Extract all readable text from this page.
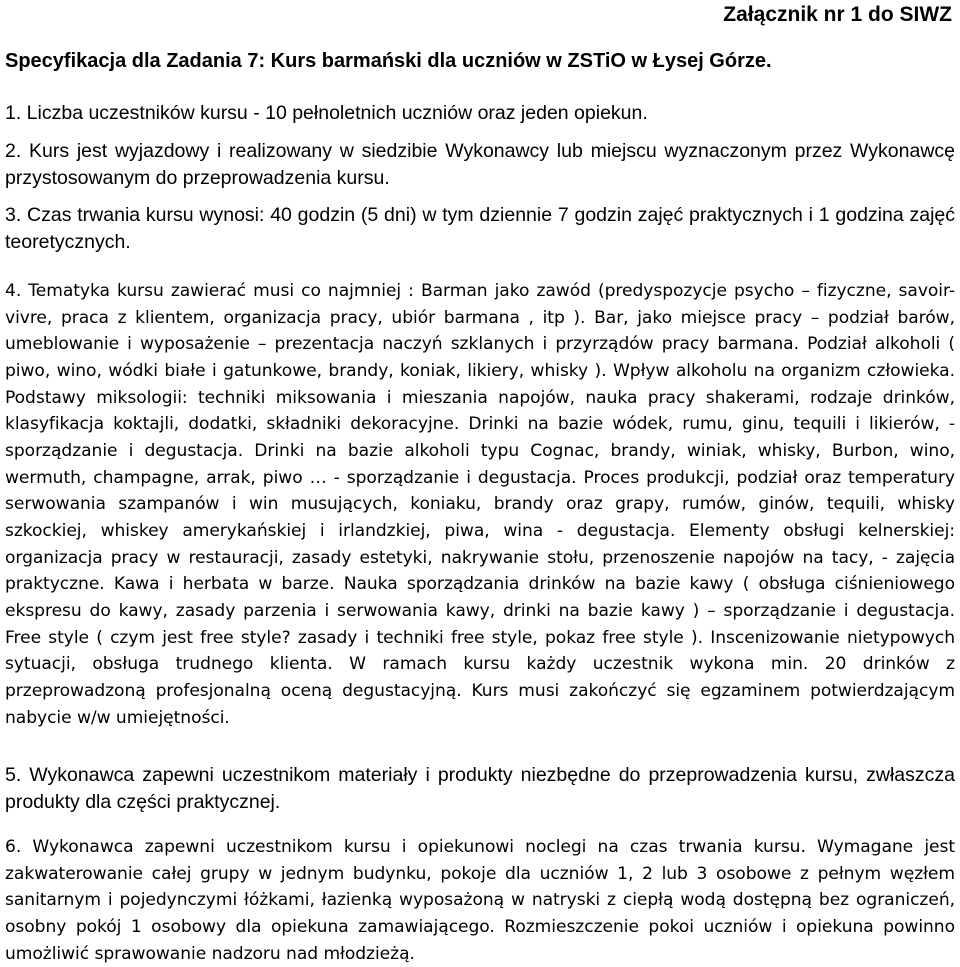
Załącznik nr 1 do SIWZ
Specyfikacja dla Zadania 7: Kurs barmański dla uczniów w ZSTiO w Łysej Górze.

1. Liczba uczestników kursu - 10 pełnoletnich uczniów oraz jeden opiekun.

2. Kurs jest wyjazdowy i realizowany w siedzibie Wykonawcy lub miejscu wyznaczonym przez Wykonawcę przystosowanym do przeprowadzenia kursu.

3. Czas trwania kursu wynosi: 40 godzin (5 dni) w tym dziennie 7 godzin zajęć praktycznych i 1 godzina zajęć teoretycznych.

4. Tematyka kursu zawierać musi co najmniej : Barman jako zawód (predyspozycje psycho – fizyczne, savoir-vivre, praca z klientem, organizacja pracy, ubiór barmana , itp ). Bar, jako miejsce pracy – podział barów, umeblowanie i wyposażenie – prezentacja naczyń szklanych i przyrządów pracy barmana. Podział alkoholi ( piwo, wino, wódki białe i gatunkowe, brandy, koniak, likiery, whisky ). Wpływ alkoholu na organizm człowieka. Podstawy miksologii: techniki miksowania i mieszania napojów, nauka pracy shakerami, rodzaje drinków, klasyfikacja koktajli, dodatki, składniki dekoracyjne. Drinki na bazie wódek, rumu, ginu, tequili i likierów, - sporządzanie i degustacja. Drinki na bazie alkoholi typu Cognac, brandy, winiak, whisky, Burbon, wino, wermuth, champagne, arrak, piwo … - sporządzanie i degustacja. Proces produkcji, podział oraz temperatury serwowania szampanów i win musujących, koniaku, brandy oraz grapy, rumów, ginów, tequili, whisky szkockiej, whiskey amerykańskiej i irlandzkiej, piwa, wina - degustacja. Elementy obsługi kelnerskiej: organizacja pracy w restauracji, zasady estetyki, nakrywanie stołu, przenoszenie napojów na tacy, - zajęcia praktyczne. Kawa i herbata w barze. Nauka sporządzania drinków na bazie kawy ( obsługa ciśnieniowego ekspresu do kawy, zasady parzenia i serwowania kawy, drinki na bazie kawy ) – sporządzanie i degustacja. Free style ( czym jest free style? zasady i techniki free style, pokaz free style ). Inscenizowanie nietypowych sytuacji, obsługa trudnego klienta. W ramach kursu każdy uczestnik wykona min. 20 drinków z przeprowadzoną profesjonalną oceną degustacyjną. Kurs musi zakończyć się egzaminem potwierdzającym nabycie w/w umiejętności.

5. Wykonawca zapewni uczestnikom materiały i produkty niezbędne do przeprowadzenia kursu, zwłaszcza produkty dla części praktycznej.

6. Wykonawca zapewni uczestnikom kursu i opiekunowi noclegi na czas trwania kursu. Wymagane jest zakwaterowanie całej grupy w jednym budynku, pokoje dla uczniów 1, 2 lub 3 osobowe z pełnym węzłem sanitarnym i pojedynczymi łóżkami, łazienką wyposażoną w natryski z ciepłą wodą dostępną bez ograniczeń, osobny pokój 1 osobowy dla opiekuna zamawiającego. Rozmieszczenie pokoi uczniów i opiekuna powinno umożliwić sprawowanie nadzoru nad młodzieżą.
